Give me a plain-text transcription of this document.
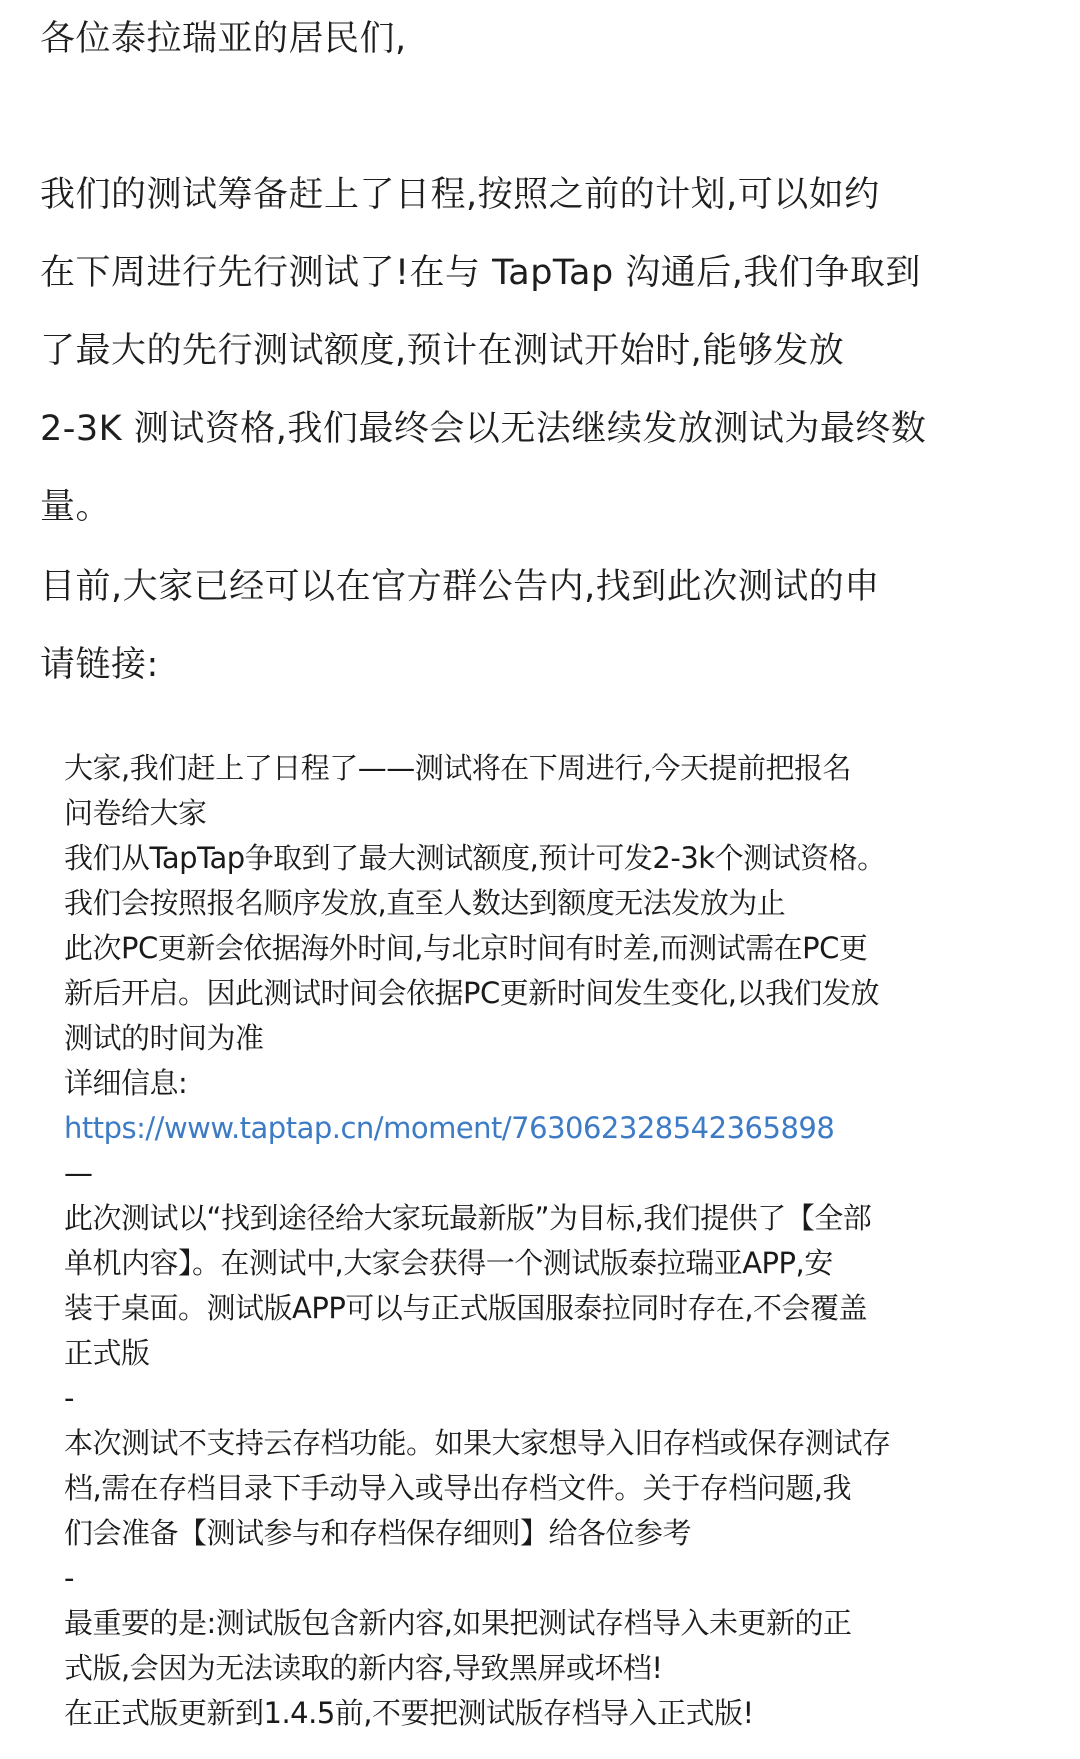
各位泰拉瑞亚的居民们,

我们的测试筹备赶上了日程,按照之前的计划,可以如约

在下周进行先行测试了!在与 TapTap 沟通后,我们争取到

了最大的先行测试额度,预计在测试开始时,能够发放

2-3K 测试资格,我们最终会以无法继续发放测试为最终数

量。

目前,大家已经可以在官方群公告内,找到此次测试的申

请链接:

大家,我们赶上了日程了——测试将在下周进行,今天提前把报名

问卷给大家

我们从TapTap争取到了最大测试额度,预计可发2-3k个测试资格。

我们会按照报名顺序发放,直至人数达到额度无法发放为止

此次PC更新会依据海外时间,与北京时间有时差,而测试需在PC更

新后开启。因此测试时间会依据PC更新时间发生变化,以我们发放

测试的时间为准

详细信息:

https://www.taptap.cn/moment/763062328542365898

—

此次测试以“找到途径给大家玩最新版”为目标,我们提供了【全部

单机内容】。在测试中,大家会获得一个测试版泰拉瑞亚APP,安

装于桌面。测试版APP可以与正式版国服泰拉同时存在,不会覆盖

正式版

-

本次测试不支持云存档功能。如果大家想导入旧存档或保存测试存

档,需在存档目录下手动导入或导出存档文件。关于存档问题,我

们会准备【测试参与和存档保存细则】给各位参考

-

最重要的是:测试版包含新内容,如果把测试存档导入未更新的正

式版,会因为无法读取的新内容,导致黑屏或坏档!

在正式版更新到1.4.5前,不要把测试版存档导入正式版!
